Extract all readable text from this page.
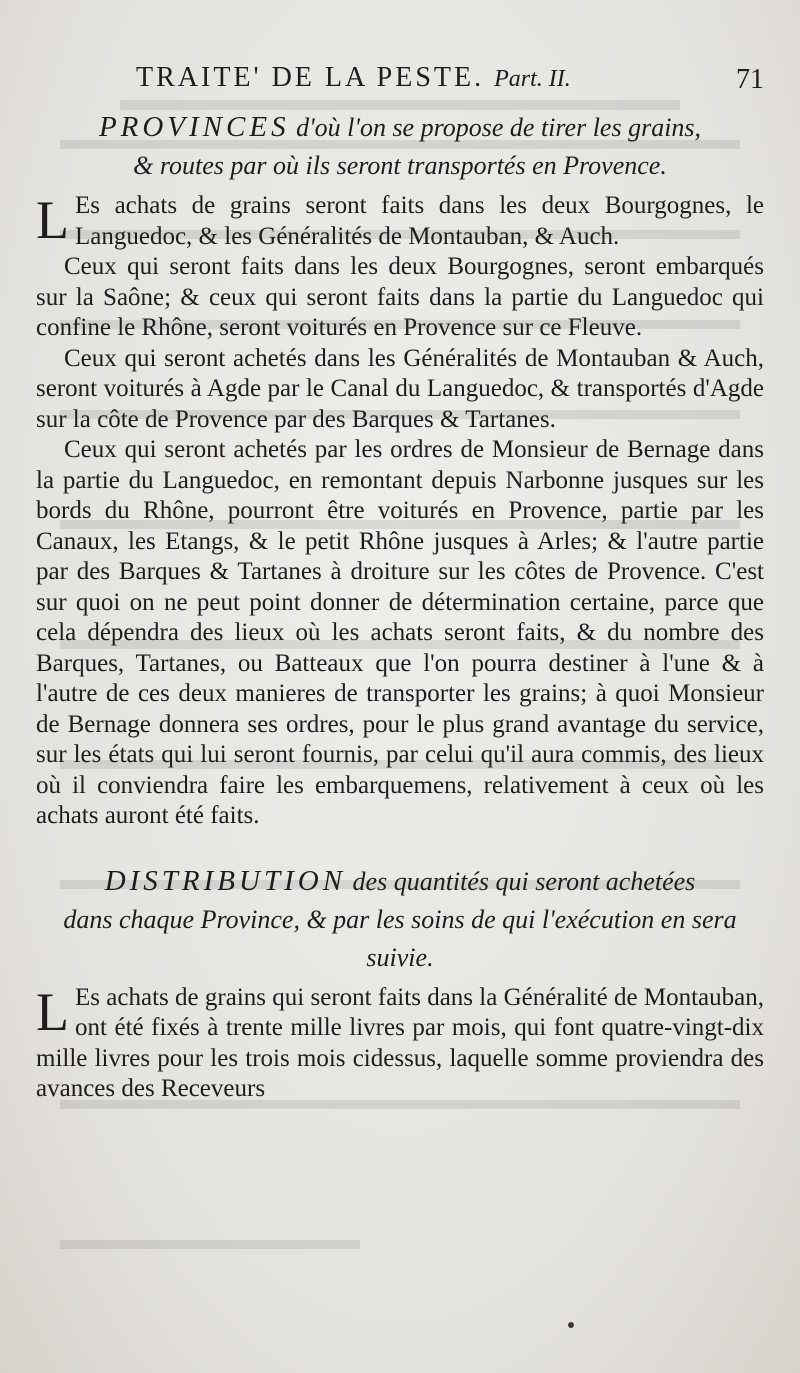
TRAITE' DE LA PESTE. Part. II.	71
PROVINCES d'où l'on se propose de tirer les grains,
& routes par où ils seront transportés en Provence.

L Es achats de grains seront faits dans les deux Bourgognes, le Languedoc, & les Généralités de Montauban, & Auch.

Ceux qui seront faits dans les deux Bourgognes, seront embarqués sur la Saône; & ceux qui seront faits dans la partie du Languedoc qui confine le Rhône, seront voiturés en Provence sur ce Fleuve.

Ceux qui seront achetés dans les Généralités de Montauban & Auch, seront voiturés à Agde par le Canal du Languedoc, & transportés d'Agde sur la côte de Provence par des Barques & Tartanes.

Ceux qui seront achetés par les ordres de Monsieur de Bernage dans la partie du Languedoc, en remontant depuis Narbonne jusques sur les bords du Rhône, pourront être voiturés en Provence, partie par les Canaux, les Etangs, & le petit Rhône jusques à Arles; & l'autre partie par des Barques & Tartanes à droiture sur les côtes de Provence. C'est sur quoi on ne peut point donner de détermination certaine, parce que cela dépendra des lieux où les achats seront faits, & du nombre des Barques, Tartanes, ou Batteaux que l'on pourra destiner à l'une & à l'autre de ces deux manieres de transporter les grains; à quoi Monsieur de Bernage donnera ses ordres, pour le plus grand avantage du service, sur les états qui lui seront fournis, par celui qu'il aura commis, des lieux où il conviendra faire les embarquemens, relativement à ceux où les achats auront été faits.

DISTRIBUTION des quantités qui seront achetées
dans chaque Province, & par les soins de qui l'exécution en sera suivie.

L Es achats de grains qui seront faits dans la Généralité de Montauban, ont été fixés à trente mille livres par mois, qui font quatre-vingt-dix mille livres pour les trois mois cidessus, laquelle somme proviendra des avances des Receveurs
